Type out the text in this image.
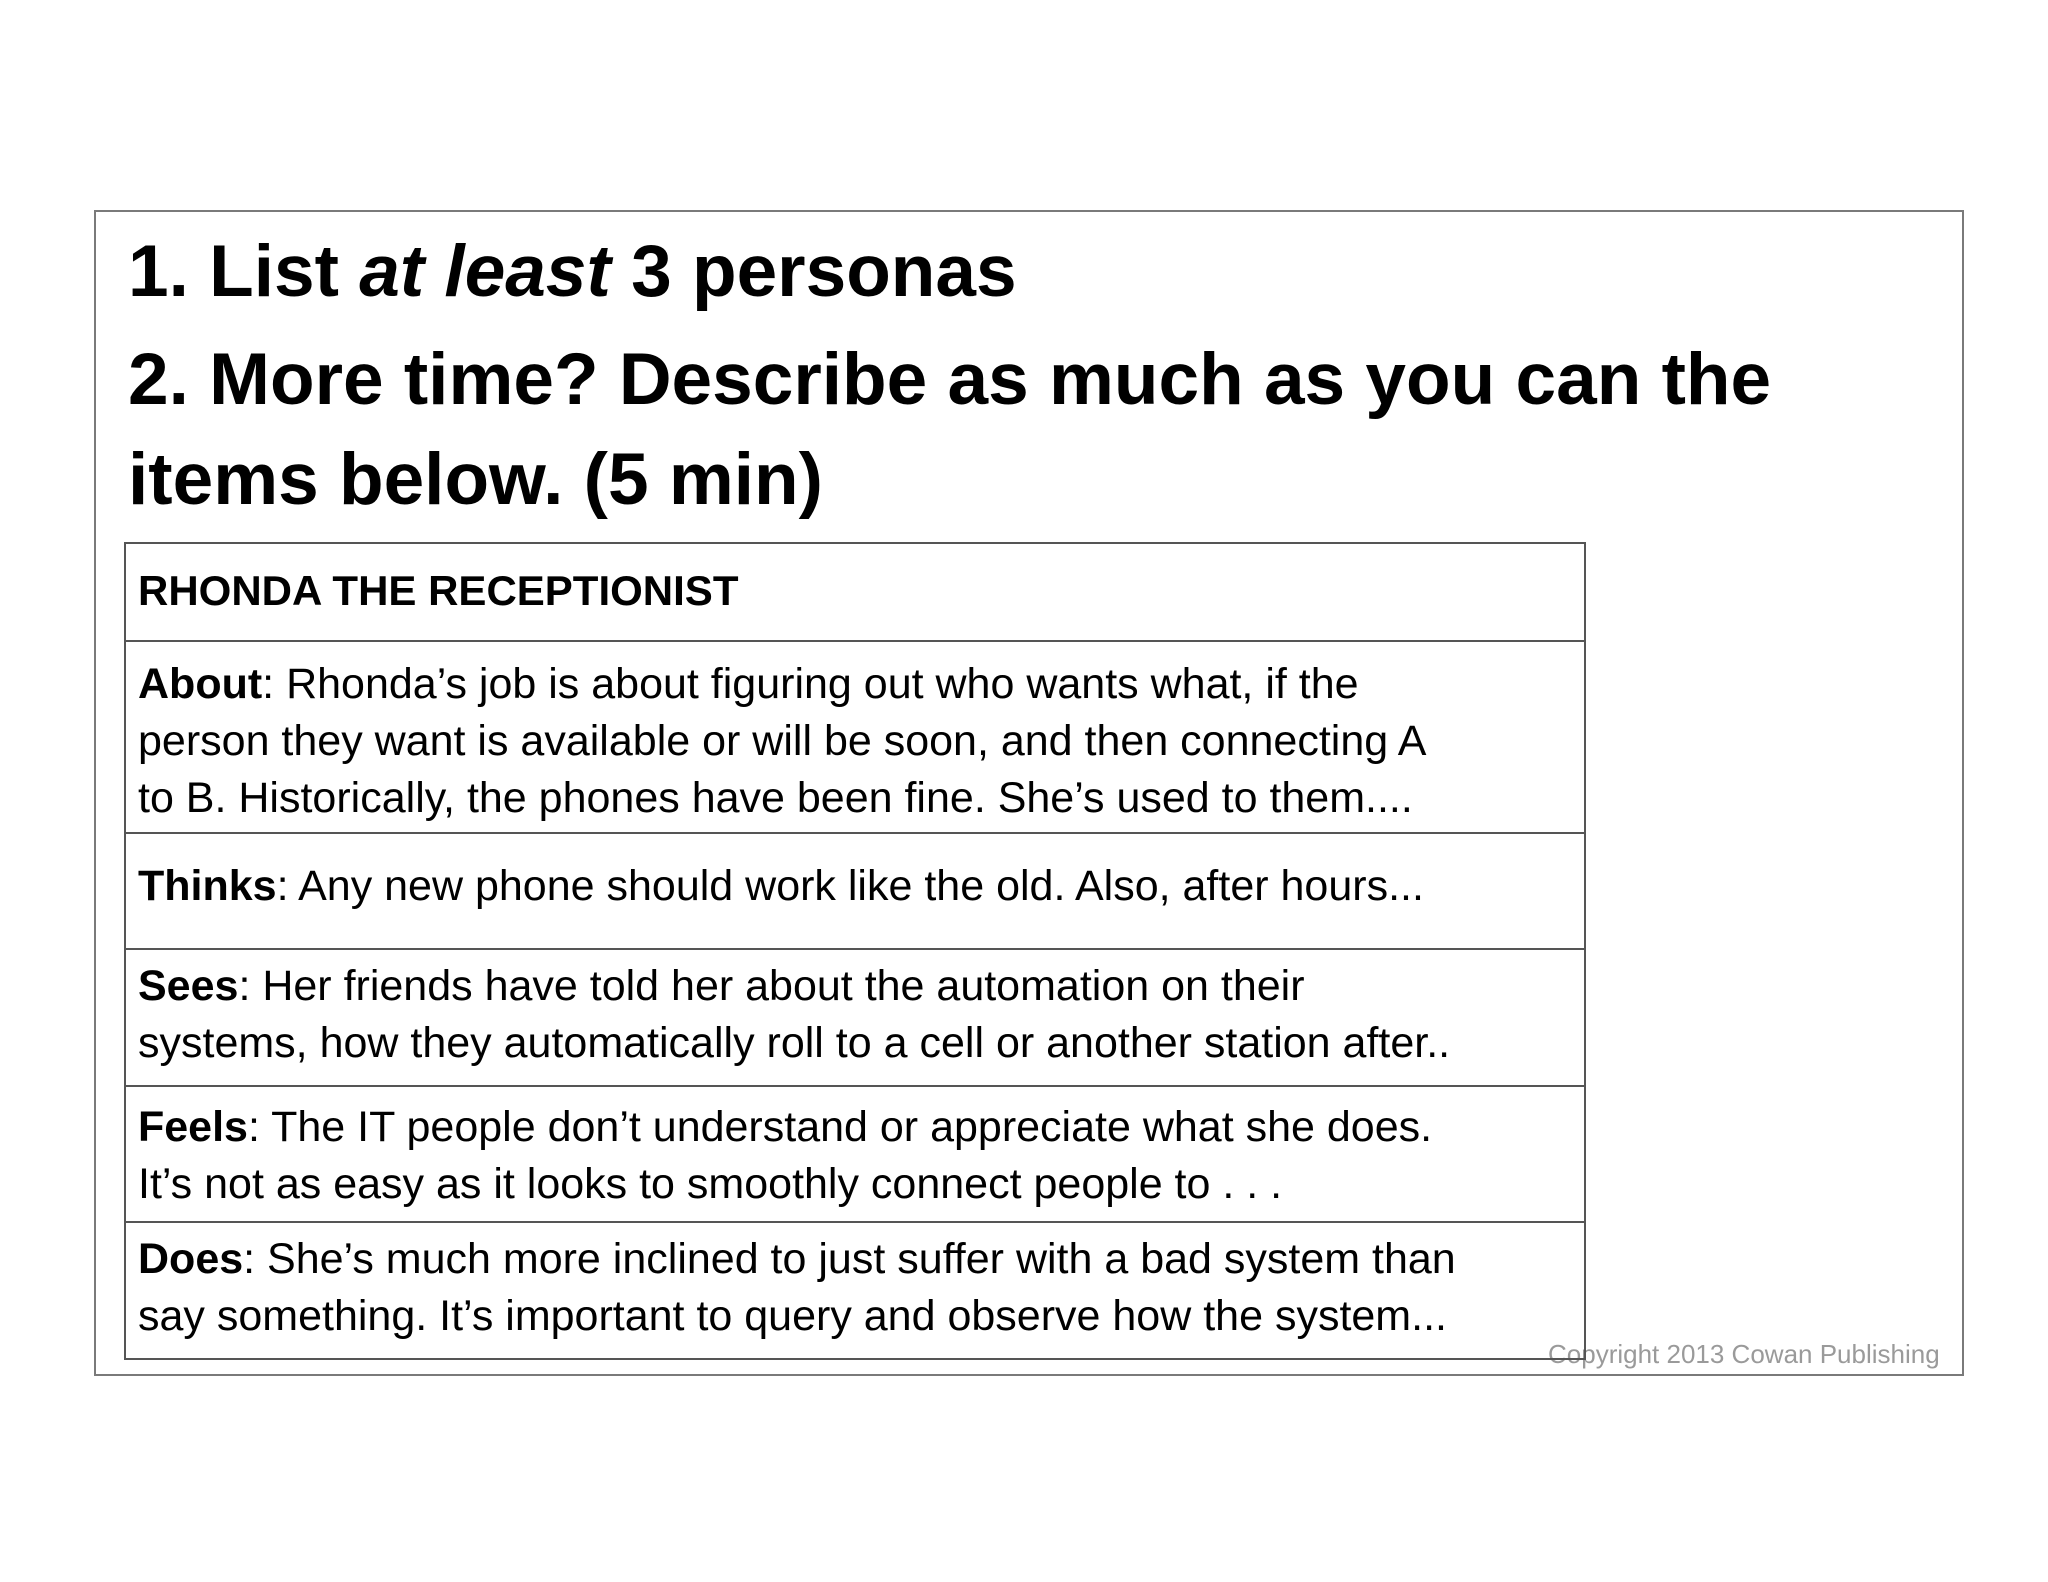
1. List at least 3 personas
2. More time? Describe as much as you can the
items below. (5 min)
Copyright 2013 Cowan Publishing
RHONDA THE RECEPTIONIST
About: Rhonda’s job is about figuring out who wants what, if the
person they want is available or will be soon, and then connecting A
to B. Historically, the phones have been fine. She’s used to them....
Thinks: Any new phone should work like the old. Also, after hours...
Sees: Her friends have told her about the automation on their
systems, how they automatically roll to a cell or another station after..
Feels: The IT people don’t understand or appreciate what she does.
It’s not as easy as it looks to smoothly connect people to . . .
Does: She’s much more inclined to just suffer with a bad system than
say something. It’s important to query and observe how the system...
